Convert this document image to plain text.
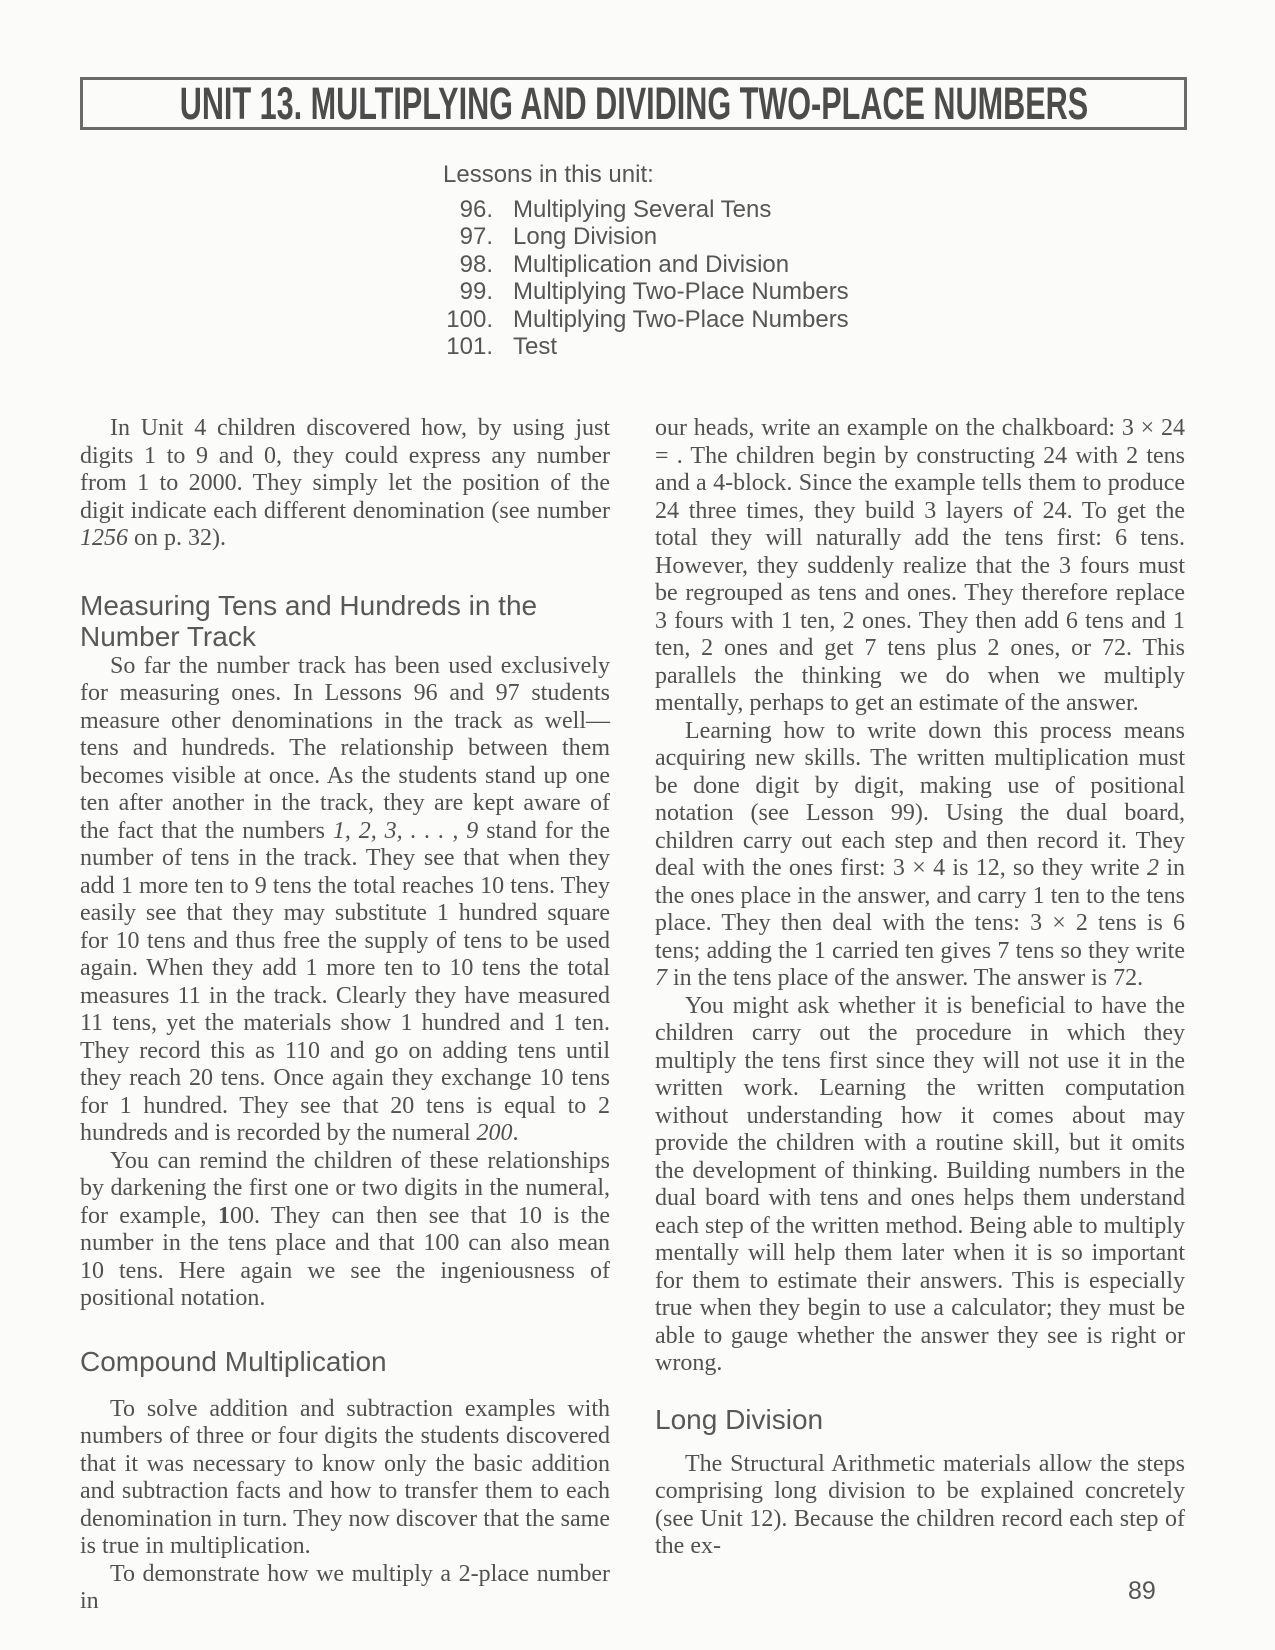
UNIT 13. MULTIPLYING AND DIVIDING TWO-PLACE NUMBERS
Lessons in this unit:
96. Multiplying Several Tens
97. Long Division
98. Multiplication and Division
99. Multiplying Two-Place Numbers
100. Multiplying Two-Place Numbers
101. Test

In Unit 4 children discovered how, by using just digits 1 to 9 and 0, they could express any number from 1 to 2000. They simply let the position of the digit indicate each different denomination (see number 1256 on p. 32).

Measuring Tens and Hundreds in the Number Track

So far the number track has been used exclusively for measuring ones. In Lessons 96 and 97 students measure other denominations in the track as well—tens and hundreds. The relationship between them becomes visible at once. As the students stand up one ten after another in the track, they are kept aware of the fact that the numbers 1, 2, 3, . . . , 9 stand for the number of tens in the track. They see that when they add 1 more ten to 9 tens the total reaches 10 tens. They easily see that they may substitute 1 hundred square for 10 tens and thus free the supply of tens to be used again. When they add 1 more ten to 10 tens the total measures 11 in the track. Clearly they have measured 11 tens, yet the materials show 1 hundred and 1 ten. They record this as 110 and go on adding tens until they reach 20 tens. Once again they exchange 10 tens for 1 hundred. They see that 20 tens is equal to 2 hundreds and is recorded by the numeral 200.

You can remind the children of these relationships by darkening the first one or two digits in the numeral, for example, 100. They can then see that 10 is the number in the tens place and that 100 can also mean 10 tens. Here again we see the ingeniousness of positional notation.

Compound Multiplication

To solve addition and subtraction examples with numbers of three or four digits the students discovered that it was necessary to know only the basic addition and subtraction facts and how to transfer them to each denomination in turn. They now discover that the same is true in multiplication.

To demonstrate how we multiply a 2-place number in

our heads, write an example on the chalkboard: 3 × 24 = . The children begin by constructing 24 with 2 tens and a 4-block. Since the example tells them to produce 24 three times, they build 3 layers of 24. To get the total they will naturally add the tens first: 6 tens. However, they suddenly realize that the 3 fours must be regrouped as tens and ones. They therefore replace 3 fours with 1 ten, 2 ones. They then add 6 tens and 1 ten, 2 ones and get 7 tens plus 2 ones, or 72. This parallels the thinking we do when we multiply mentally, perhaps to get an estimate of the answer.

Learning how to write down this process means acquiring new skills. The written multiplication must be done digit by digit, making use of positional notation (see Lesson 99). Using the dual board, children carry out each step and then record it. They deal with the ones first: 3 × 4 is 12, so they write 2 in the ones place in the answer, and carry 1 ten to the tens place. They then deal with the tens: 3 × 2 tens is 6 tens; adding the 1 carried ten gives 7 tens so they write 7 in the tens place of the answer. The answer is 72.

You might ask whether it is beneficial to have the children carry out the procedure in which they multiply the tens first since they will not use it in the written work. Learning the written computation without understanding how it comes about may provide the children with a routine skill, but it omits the development of thinking. Building numbers in the dual board with tens and ones helps them understand each step of the written method. Being able to multiply mentally will help them later when it is so important for them to estimate their answers. This is especially true when they begin to use a calculator; they must be able to gauge whether the answer they see is right or wrong.

Long Division

The Structural Arithmetic materials allow the steps comprising long division to be explained concretely (see Unit 12). Because the children record each step of the ex-

89
